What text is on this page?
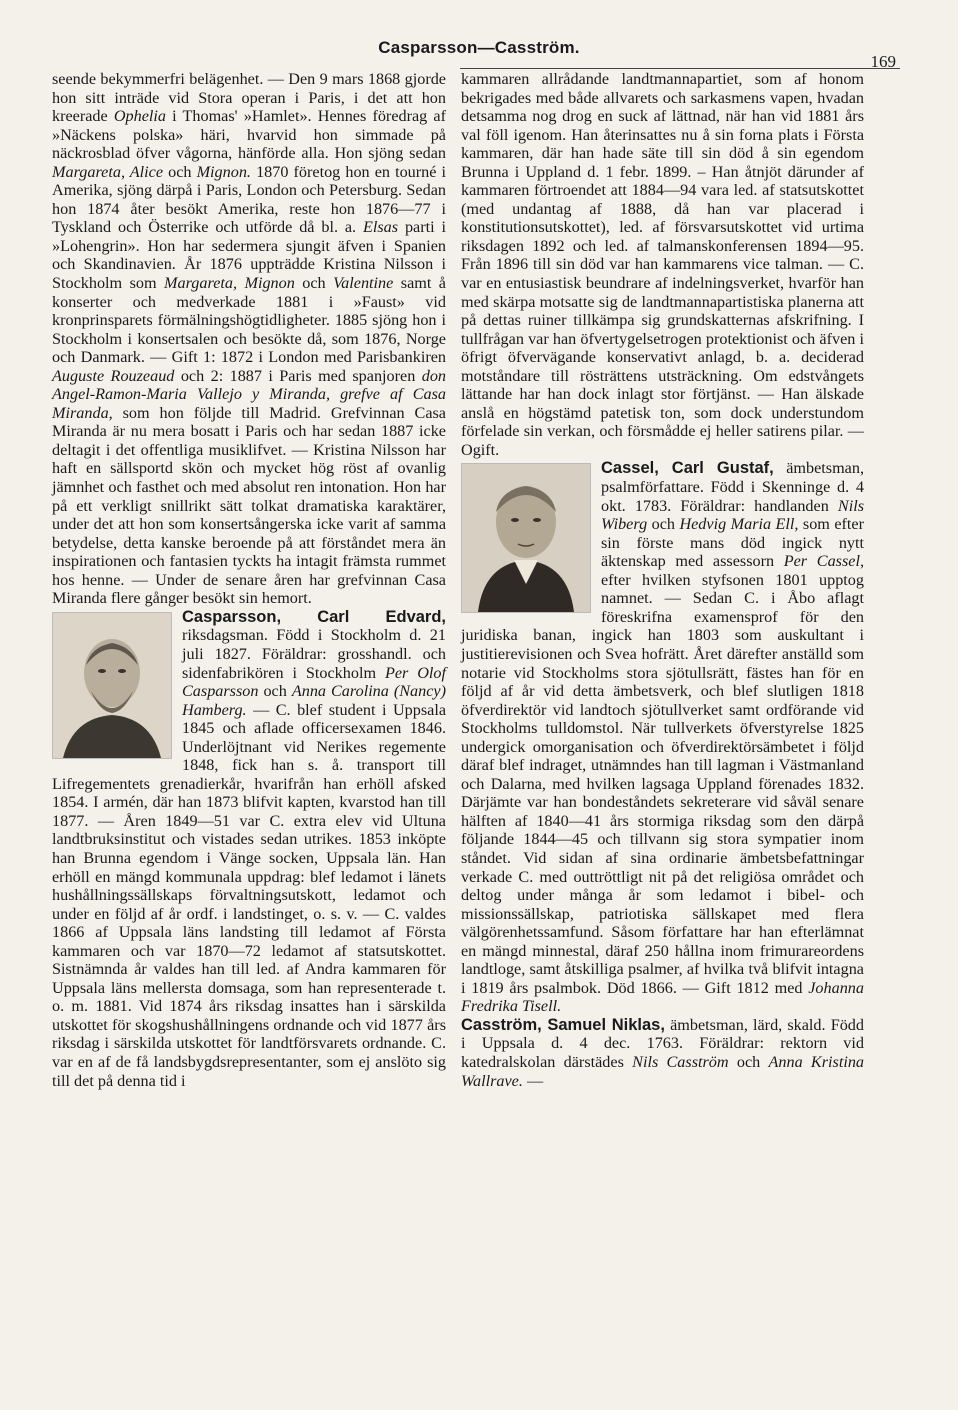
Casparsson—Casström.
169

seende bekymmerfri belägenhet. — Den 9 mars 1868 gjorde hon sitt inträde vid Stora operan i Paris, i det att hon kreerade Ophelia i Thomas' »Hamlet». Hennes föredrag af »Näckens polska» häri, hvarvid hon simmade på näckrosblad öfver vågorna, hänförde alla. Hon sjöng sedan Margareta, Alice och Mignon. 1870 företog hon en tourné i Amerika, sjöng därpå i Paris, London och Petersburg. Sedan hon 1874 åter besökt Amerika, reste hon 1876—77 i Tyskland och Österrike och utförde då bl. a. Elsas parti i »Lohengrin». Hon har sedermera sjungit äfven i Spanien och Skandinavien. År 1876 uppträdde Kristina Nilsson i Stockholm som Margareta, Mignon och Valentine samt å konserter och medverkade 1881 i »Faust» vid kronprinsparets förmälningshögtidligheter. 1885 sjöng hon i Stockholm i konsertsalen och besökte då, som 1876, Norge och Danmark. — Gift 1: 1872 i London med Parisbankiren Auguste Rouzeaud och 2: 1887 i Paris med spanjoren don Angel-Ramon-Maria Vallejo y Miranda, grefve af Casa Miranda, som hon följde till Madrid. Grefvinnan Casa Miranda är nu mera bosatt i Paris och har sedan 1887 icke deltagit i det offentliga musiklifvet. — Kristina Nilsson har haft en sällsportd skön och mycket hög röst af ovanlig jämnhet och fasthet och med absolut ren intonation. Hon har på ett verkligt snillrikt sätt tolkat dramatiska karaktärer, under det att hon som konsertsångerska icke varit af samma betydelse, detta kanske beroende på att förståndet mera än inspirationen och fantasien tyckts ha intagit främsta rummet hos henne. — Under de senare åren har grefvinnan Casa Miranda flere gånger besökt sin hemort.

Casparsson, Carl Edvard,
riksdagsman. Född i Stockholm d. 21 juli 1827. Föräldrar: grosshandl. och sidenfabrikören i Stockholm Per Olof Casparsson och Anna Carolina (Nancy) Hamberg. — C. blef student i Uppsala 1845 och aflade officersexamen 1846. Underlöjtnant vid Nerikes regemente 1848, fick han s. å. transport till Lifregementets grenadierkår, hvarifrån han erhöll afsked 1854. I armén, där han 1873 blifvit kapten, kvarstod han till 1877. — Åren 1849—51 var C. extra elev vid Ultuna landtbruksinstitut och vistades sedan utrikes. 1853 inköpte han Brunna egendom i Vänge socken, Uppsala län. Han erhöll en mängd kommunala uppdrag: blef ledamot i länets hushållningssällskaps förvaltningsutskott, ledamot och under en följd af år ordf. i landstinget, o. s. v. — C. valdes 1866 af Uppsala läns landsting till ledamot af Första kammaren och var 1870—72 ledamot af statsutskottet. Sistnämnda år valdes han till led. af Andra kammaren för Uppsala läns mellersta domsaga, som han representerade t. o. m. 1881. Vid 1874 års riksdag insattes han i särskilda utskottet för skogshushållningens ordnande och vid 1877 års riksdag i särskilda utskottet för landtförsvarets ordnande. C. var en af de få landsbygdsrepresentanter, som ej anslöto sig till det på denna tid i

kammaren allrådande landtmannapartiet, som af honom bekrigades med både allvarets och sarkasmens vapen, hvadan detsamma nog drog en suck af lättnad, när han vid 1881 års val föll igenom. Han återinsattes nu å sin forna plats i Första kammaren, där han hade säte till sin död å sin egendom Brunna i Uppland d. 1 febr. 1899. – Han åtnjöt därunder af kammaren förtroendet att 1884—94 vara led. af statsutskottet (med undantag af 1888, då han var placerad i konstitutionsutskottet), led. af försvarsutskottet vid urtima riksdagen 1892 och led. af talmanskonferensen 1894—95. Från 1896 till sin död var han kammarens vice talman. — C. var en entusiastisk beundrare af indelningsverket, hvarför han med skärpa motsatte sig de landtmannapartistiska planerna att på dettas ruiner tillkämpa sig grundskatternas afskrifning. I tullfrågan var han öfvertygelsetrogen protektionist och äfven i öfrigt öfvervägande konservativt anlagd, b. a. deciderad motståndare till rösträttens utsträckning. Om edstvångets lättande har han dock inlagt stor förtjänst. — Han älskade anslå en högstämd patetisk ton, som dock understundom förfelade sin verkan, och försmådde ej heller satirens pilar. — Ogift.

Cassel, Carl Gustaf,
ämbetsman, psalmförfattare. Född i Skenninge d. 4 okt. 1783. Föräldrar: handlanden Nils Wiberg och Hedvig Maria Ell, som efter sin förste mans död ingick nytt äktenskap med assessorn Per Cassel, efter hvilken styfsonen 1801 upptog namnet. — Sedan C. i Åbo aflagt föreskrifna examensprof för den juridiska banan, ingick han 1803 som auskultant i justitierevisionen och Svea hofrätt. Året därefter anställd som notarie vid Stockholms stora sjötullsrätt, fästes han för en följd af år vid detta ämbetsverk, och blef slutligen 1818 öfverdirektör vid landtoch sjötullverket samt ordförande vid Stockholms tulldomstol. När tullverkets öfverstyrelse 1825 undergick omorganisation och öfverdirektörsämbetet i följd däraf blef indraget, utnämndes han till lagman i Västmanland och Dalarna, med hvilken lagsaga Uppland förenades 1832. Därjämte var han bondeståndets sekreterare vid såväl senare hälften af 1840—41 års stormiga riksdag som den därpå följande 1844—45 och tillvann sig stora sympatier inom ståndet. Vid sidan af sina ordinarie ämbetsbefattningar verkade C. med outtröttligt nit på det religiösa området och deltog under många år som ledamot i bibel- och missionssällskap, patriotiska sällskapet med flera välgörenhetssamfund. Såsom författare har han efterlämnat en mängd minnestal, däraf 250 hållna inom frimurareordens landtloge, samt åtskilliga psalmer, af hvilka två blifvit intagna i 1819 års psalmbok. Död 1866. — Gift 1812 med Johanna Fredrika Tisell.

Casström, Samuel Niklas, ämbetsman, lärd, skald. Född i Uppsala d. 4 dec. 1763. Föräldrar: rektorn vid katedralskolan därstädes Nils Casström och Anna Kristina Wallrave. —
